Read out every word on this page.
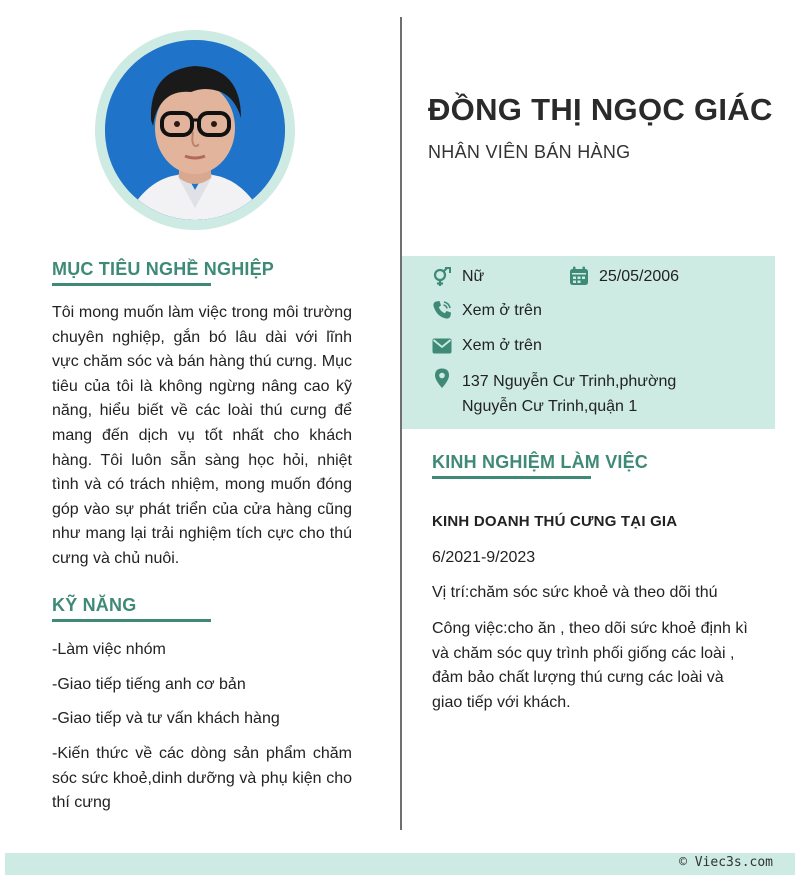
MỤC TIÊU NGHỀ NGHIỆP
Tôi mong muốn làm việc trong môi trường chuyên nghiệp, gắn bó lâu dài với lĩnh vực chăm sóc và bán hàng thú cưng. Mục tiêu của tôi là không ngừng nâng cao kỹ năng, hiểu biết về các loài thú cưng để mang đến dịch vụ tốt nhất cho khách hàng. Tôi luôn sẵn sàng học hỏi, nhiệt tình và có trách nhiệm, mong muốn đóng góp vào sự phát triển của cửa hàng cũng như mang lại trải nghiệm tích cực cho thú cưng và chủ nuôi.
KỸ NĂNG
-Làm việc nhóm
-Giao tiếp tiếng anh cơ bản
-Giao tiếp và tư vấn khách hàng
-Kiến thức về các dòng sản phẩm chăm sóc sức khoẻ,dinh dưỡng và phụ kiện cho thí cưng
ĐỒNG THỊ NGỌC GIÁC
NHÂN VIÊN BÁN HÀNG
Nữ	25/05/2006
Xem ở trên
Xem ở trên
137 Nguyễn Cư Trinh,phường
Nguyễn Cư Trinh,quận 1
KINH NGHIỆM LÀM VIỆC
KINH DOANH THÚ CƯNG TẠI GIA
6/2021-9/2023
Vị trí:chăm sóc sức khoẻ và theo dõi thú
Công việc:cho ăn , theo dõi sức khoẻ định kì và chăm sóc quy trình phối giống các loài , đảm bảo chất lượng thú cưng các loài và giao tiếp với khách.
© Viec3s.com
